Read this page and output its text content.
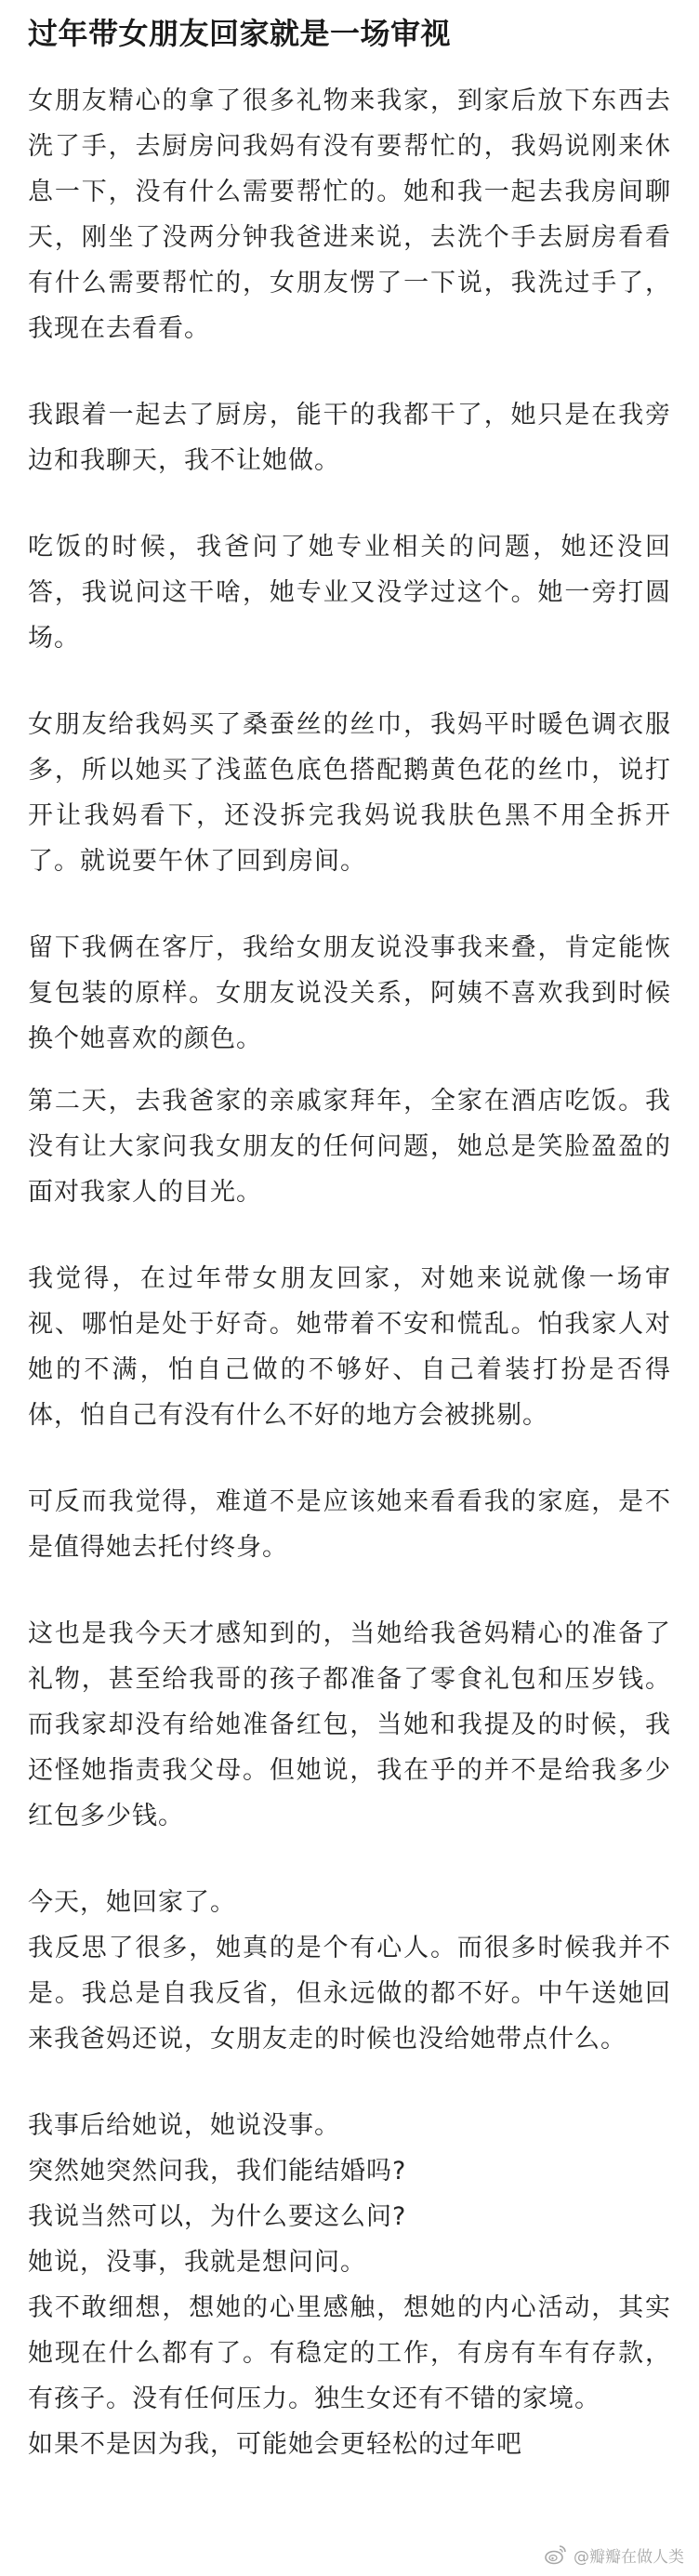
过年带女朋友回家就是一场审视

女朋友精心的拿了很多礼物来我家，到家后放下东西去洗了手，去厨房问我妈有没有要帮忙的，我妈说刚来休息一下，没有什么需要帮忙的。她和我一起去我房间聊天，刚坐了没两分钟我爸进来说，去洗个手去厨房看看有什么需要帮忙的，女朋友愣了一下说，我洗过手了，我现在去看看。

我跟着一起去了厨房，能干的我都干了，她只是在我旁边和我聊天，我不让她做。

吃饭的时候，我爸问了她专业相关的问题，她还没回答，我说问这干啥，她专业又没学过这个。她一旁打圆场。

女朋友给我妈买了桑蚕丝的丝巾，我妈平时暖色调衣服多，所以她买了浅蓝色底色搭配鹅黄色花的丝巾，说打开让我妈看下，还没拆完我妈说我肤色黑不用全拆开了。就说要午休了回到房间。

留下我俩在客厅，我给女朋友说没事我来叠，肯定能恢复包装的原样。女朋友说没关系，阿姨不喜欢我到时候换个她喜欢的颜色。

第二天，去我爸家的亲戚家拜年，全家在酒店吃饭。我没有让大家问我女朋友的任何问题，她总是笑脸盈盈的面对我家人的目光。

我觉得，在过年带女朋友回家，对她来说就像一场审视、哪怕是处于好奇。她带着不安和慌乱。怕我家人对她的不满，怕自己做的不够好、自己着装打扮是否得体，怕自己有没有什么不好的地方会被挑剔。

可反而我觉得，难道不是应该她来看看我的家庭，是不是值得她去托付终身。

这也是我今天才感知到的，当她给我爸妈精心的准备了礼物，甚至给我哥的孩子都准备了零食礼包和压岁钱。而我家却没有给她准备红包，当她和我提及的时候，我还怪她指责我父母。但她说，我在乎的并不是给我多少红包多少钱。

今天，她回家了。

我反思了很多，她真的是个有心人。而很多时候我并不是。我总是自我反省，但永远做的都不好。中午送她回来我爸妈还说，女朋友走的时候也没给她带点什么。

我事后给她说，她说没事。

突然她突然问我，我们能结婚吗?

我说当然可以，为什么要这么问?

她说，没事，我就是想问问。

我不敢细想，想她的心里感触，想她的内心活动，其实她现在什么都有了。有稳定的工作，有房有车有存款，有孩子。没有任何压力。独生女还有不错的家境。

如果不是因为我，可能她会更轻松的过年吧

@瓣瓣在做人类
